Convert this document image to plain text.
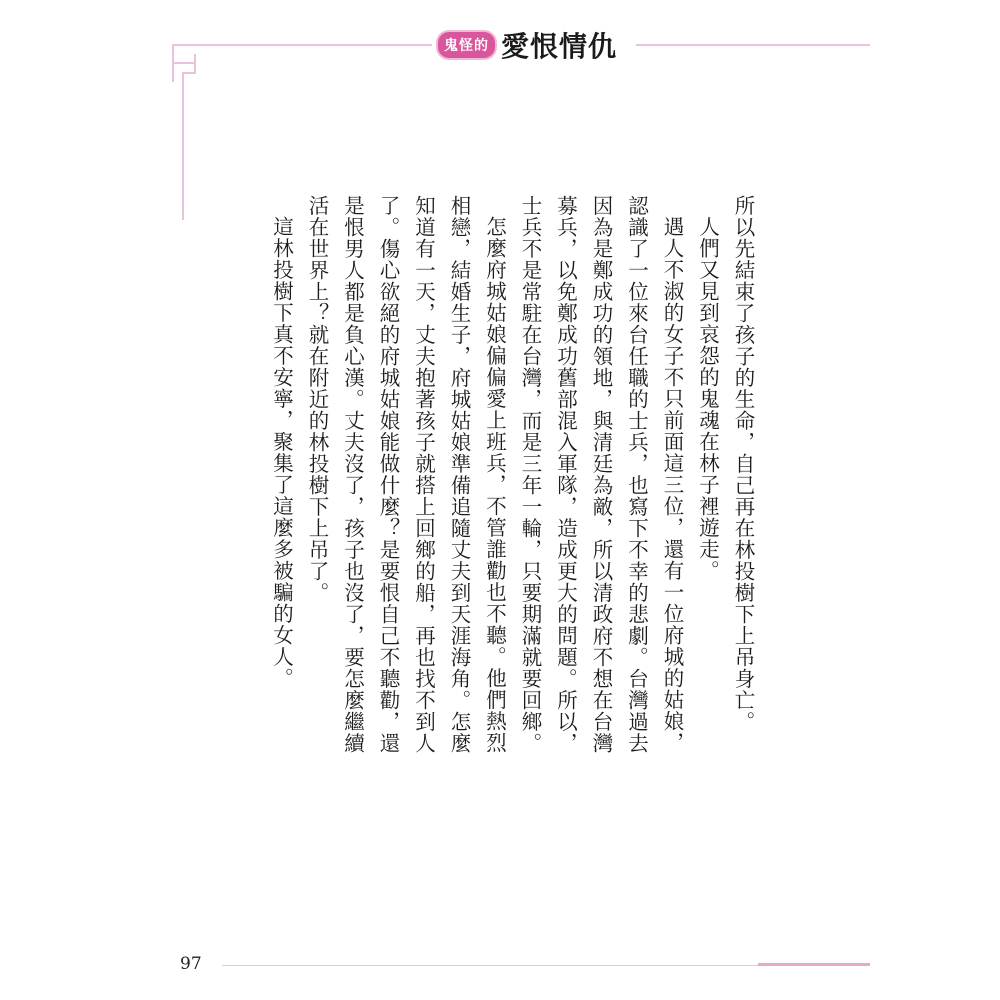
鬼怪的 愛恨情仇

所以先結束了孩子的生命，自己再在林投樹下上吊身亡。

人們又見到哀怨的鬼魂在林子裡遊走。

遇人不淑的女子不只前面這三位，還有一位府城的姑娘，認識了一位來台任職的士兵，也寫下不幸的悲劇。台灣過去因為是鄭成功的領地，與清廷為敵，所以清政府不想在台灣募兵，以免鄭成功舊部混入軍隊，造成更大的問題。所以，士兵不是常駐在台灣，而是三年一輪，只要期滿就要回鄉。

怎麼府城姑娘偏偏愛上班兵，不管誰勸也不聽。他們熱烈相戀，結婚生子，府城姑娘準備追隨丈夫到天涯海角。怎麼知道有一天，丈夫抱著孩子就搭上回鄉的船，再也找不到人了。傷心欲絕的府城姑娘能做什麼？是要恨自己不聽勸，還是恨男人都是負心漢。丈夫沒了，孩子也沒了，要怎麼繼續活在世界上？就在附近的林投樹下上吊了。

這林投樹下真不安寧，聚集了這麼多被騙的女人。

97
